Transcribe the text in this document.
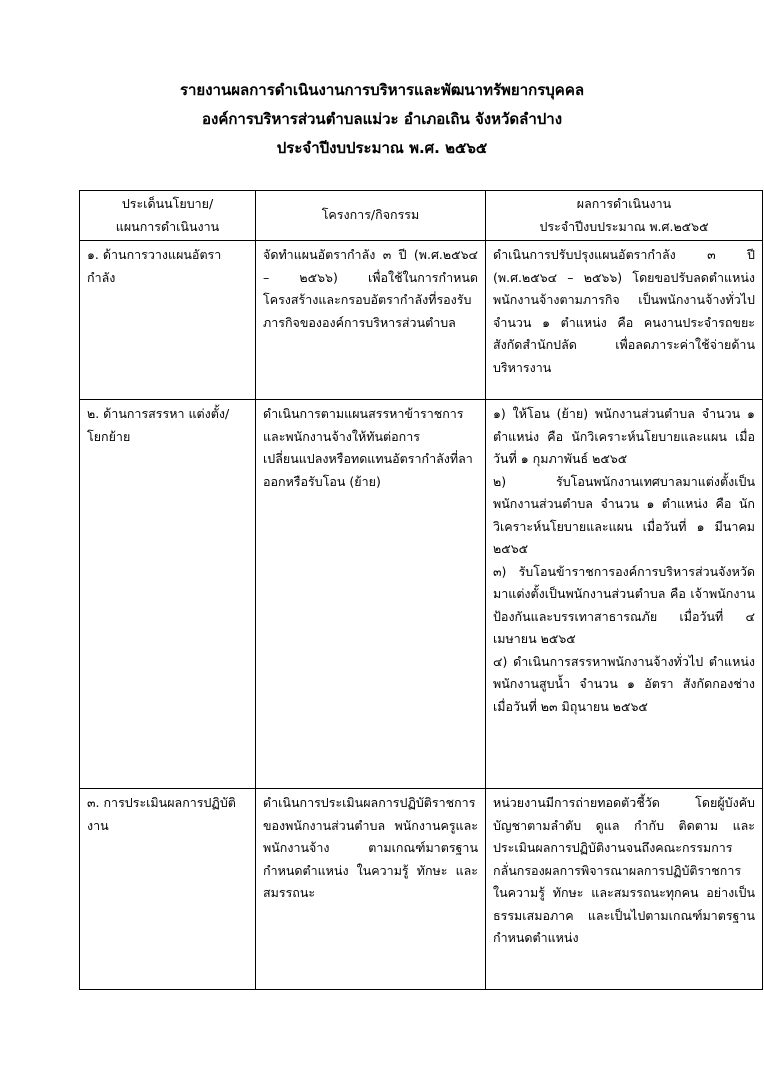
รายงานผลการดำเนินงานการบริหารและพัฒนาทรัพยากรบุคคล
องค์การบริหารส่วนตำบลแม่วะ อำเภอเถิน จังหวัดลำปาง
ประจำปีงบประมาณ พ.ศ. ๒๕๖๕
ประเด็นนโยบาย/
แผนการดำเนินงาน	โครงการ/กิจกรรม	ผลการดำเนินงาน
ประจำปีงบประมาณ พ.ศ.๒๕๖๕

๑. ด้านการวางแผนอัตรากำลัง	จัดทำแผนอัตรากำลัง ๓ ปี (พ.ศ.๒๕๖๔ – ๒๕๖๖) เพื่อใช้ในการกำหนดโครงสร้างและกรอบอัตรากำลังที่รองรับภารกิจขององค์การบริหารส่วนตำบล	ดำเนินการปรับปรุงแผนอัตรากำลัง ๓ ปี (พ.ศ.๒๕๖๔ – ๒๕๖๖) โดยขอปรับลดตำแหน่งพนักงานจ้างตามภารกิจ เป็นพนักงานจ้างทั่วไป จำนวน ๑ ตำแหน่ง คือ คนงานประจำรถขยะ สังกัดสำนักปลัด เพื่อลดภาระค่าใช้จ่ายด้านบริหารงาน

๒. ด้านการสรรหา แต่งตั้ง/โยกย้าย	ดำเนินการตามแผนสรรหาข้าราชการและพนักงานจ้างให้ทันต่อการเปลี่ยนแปลงหรือทดแทนอัตรากำลังที่ลาออกหรือรับโอน (ย้าย)	๑) ให้โอน (ย้าย) พนักงานส่วนตำบล จำนวน ๑ ตำแหน่ง คือ นักวิเคราะห์นโยบายและแผน เมื่อวันที่ ๑ กุมภาพันธ์ ๒๕๖๕
๒) รับโอนพนักงานเทศบาลมาแต่งตั้งเป็นพนักงานส่วนตำบล จำนวน ๑ ตำแหน่ง คือ นักวิเคราะห์นโยบายและแผน เมื่อวันที่ ๑ มีนาคม ๒๕๖๕
๓) รับโอนข้าราชการองค์การบริหารส่วนจังหวัดมาแต่งตั้งเป็นพนักงานส่วนตำบล คือ เจ้าพนักงานป้องกันและบรรเทาสาธารณภัย เมื่อวันที่ ๔ เมษายน ๒๕๖๕
๔) ดำเนินการสรรหาพนักงานจ้างทั่วไป ตำแหน่ง พนักงานสูบน้ำ จำนวน ๑ อัตรา สังกัดกองช่าง เมื่อวันที่ ๒๓ มิถุนายน ๒๕๖๕

๓. การประเมินผลการปฏิบัติงาน	ดำเนินการประเมินผลการปฏิบัติราชการของพนักงานส่วนตำบล พนักงานครูและพนักงานจ้าง ตามเกณฑ์มาตรฐานกำหนดตำแหน่ง ในความรู้ ทักษะ และสมรรถนะ	หน่วยงานมีการถ่ายทอดตัวชี้วัด โดยผู้บังคับบัญชาตามลำดับ ดูแล กำกับ ติดตาม และประเมินผลการปฏิบัติงานจนถึงคณะกรรมการกลั่นกรองผลการพิจารณาผลการปฏิบัติราชการ ในความรู้ ทักษะ และสมรรถนะทุกคน อย่างเป็นธรรมเสมอภาค และเป็นไปตามเกณฑ์มาตรฐานกำหนดตำแหน่ง
